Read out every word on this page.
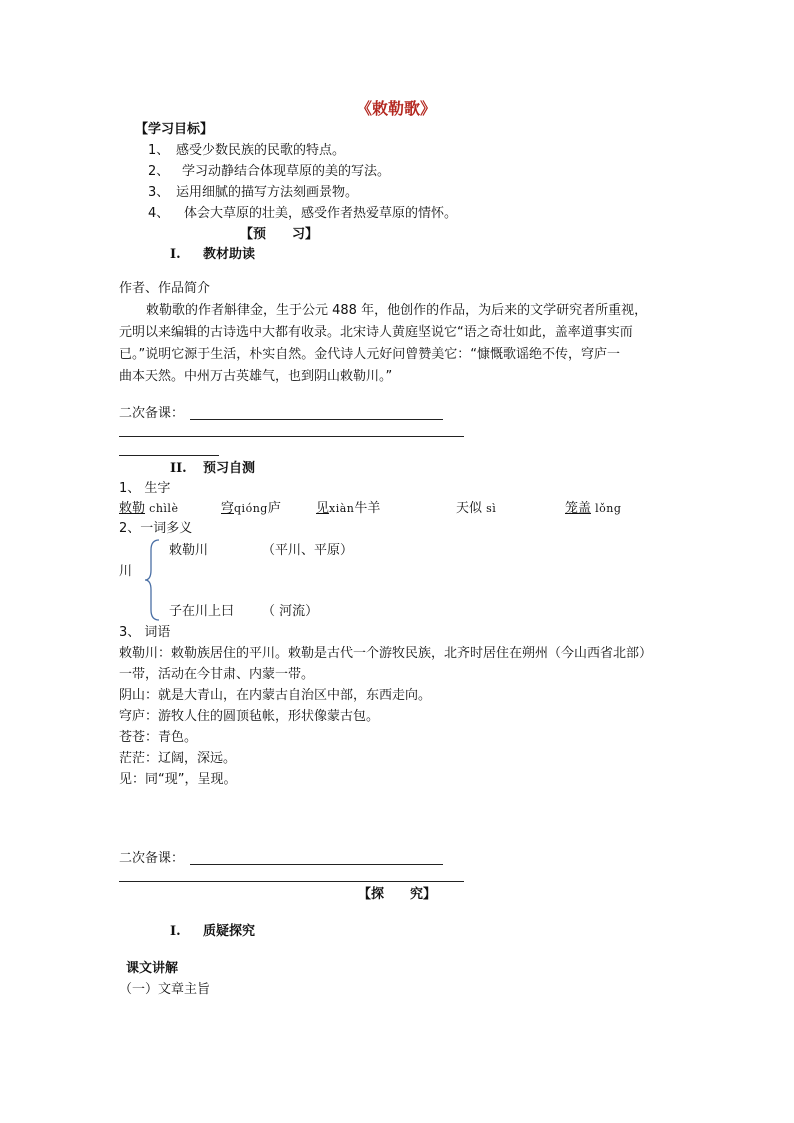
《敕勒歌》
【学习目标】
1、 感受少数民族的民歌的特点。
2、 学习动静结合体现草原的美的写法。
3、 运用细腻的描写方法刻画景物。
4、 体会大草原的壮美，感受作者热爱草原的情怀。
【预　　习】
I. 教材助读
作者、作品简介
敕勒歌的作者斛律金，生于公元 488 年，他创作的作品，为后来的文学研究者所重视，
元明以来编辑的古诗选中大都有收录。北宋诗人黄庭坚说它“语之奇壮如此，盖率道事实而
已。”说明它源于生活，朴实自然。金代诗人元好问曾赞美它：“慷慨歌谣绝不传，穹庐一
曲本天然。中州万古英雄气，也到阴山敕勒川。”
二次备课：
II. 预习自测
1、 生字
敕勒 chìlè	穹qióng庐	见xiàn牛羊	天似 sì	笼盖 lǒng
2、一词多义
川
敕勒川	（平川、平原）
子在川上曰 （ 河流）
3、 词语
敕勒川：敕勒族居住的平川。敕勒是古代一个游牧民族，北齐时居住在朔州（今山西省北部）
一带，活动在今甘肃、内蒙一带。
阴山：就是大青山，在内蒙古自治区中部，东西走向。
穹庐：游牧人住的圆顶毡帐，形状像蒙古包。
苍苍：青色。
茫茫：辽阔，深远。
见：同“现”，呈现。
二次备课：
【探　　究】
I. 质疑探究
课文讲解
（一）文章主旨
